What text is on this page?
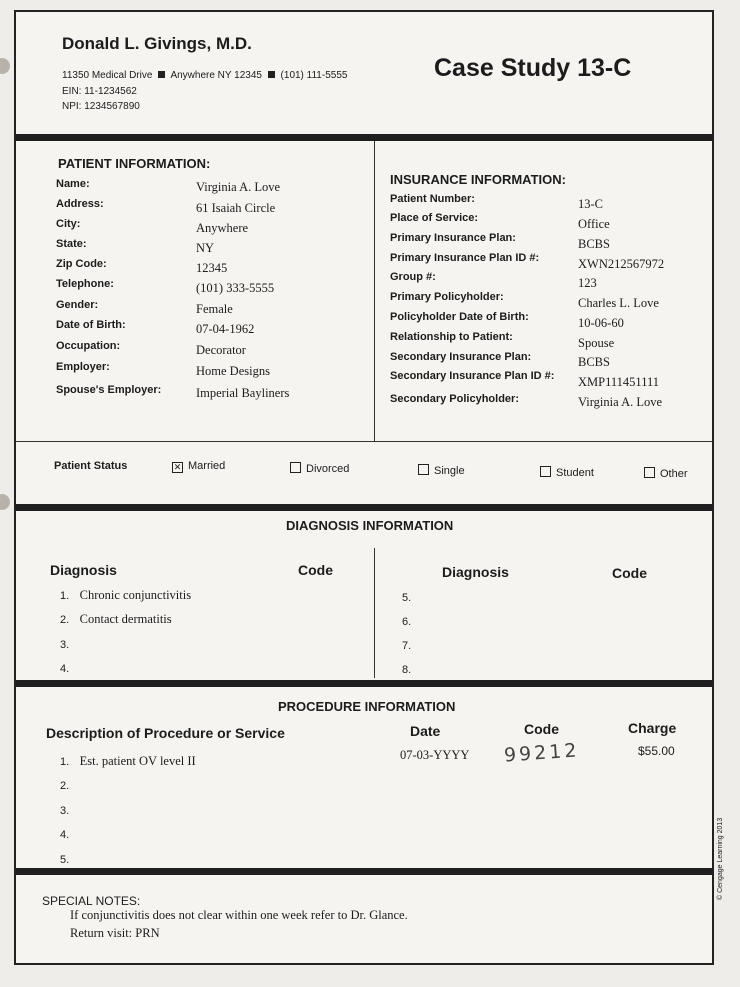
Donald L. Givings, M.D.
11350 Medical Drive Anywhere NY 12345 (101) 111-5555
EIN: 11-1234562
NPI: 1234567890
Case Study 13-C
PATIENT INFORMATION:
Name:	Virginia A. Love
Address:	61 Isaiah Circle
City:	Anywhere
State:	NY
Zip Code:	12345
Telephone:	(101) 333-5555
Gender:	Female
Date of Birth:	07-04-1962
Occupation:	Decorator
Employer:	Home Designs
Spouse's Employer:	Imperial Bayliners
INSURANCE INFORMATION:
Patient Number:	13-C
Place of Service:	Office
Primary Insurance Plan:	BCBS
Primary Insurance Plan ID #:	XWN212567972
Group #:	123
Primary Policyholder:	Charles L. Love
Policyholder Date of Birth:	10-06-60
Relationship to Patient:	Spouse
Secondary Insurance Plan:	BCBS
Secondary Insurance Plan ID #: XMP111451111
Secondary Policyholder:	Virginia A. Love
Patient Status	✕ Married	Divorced	Single	Student	Other
DIAGNOSIS INFORMATION
Diagnosis	Code	Diagnosis	Code
1. Chronic conjunctivitis
2. Contact dermatitis
3.
4.
5.
6.
7.
8.
PROCEDURE INFORMATION
Description of Procedure or Service	Date	Code	Charge
1. Est. patient OV level II	07-03-YYYY 99212	$55.00
2.
3.
4.
5.
SPECIAL NOTES:
If conjunctivitis does not clear within one week refer to Dr. Glance.
Return visit: PRN
© Cengage Learning 2013
